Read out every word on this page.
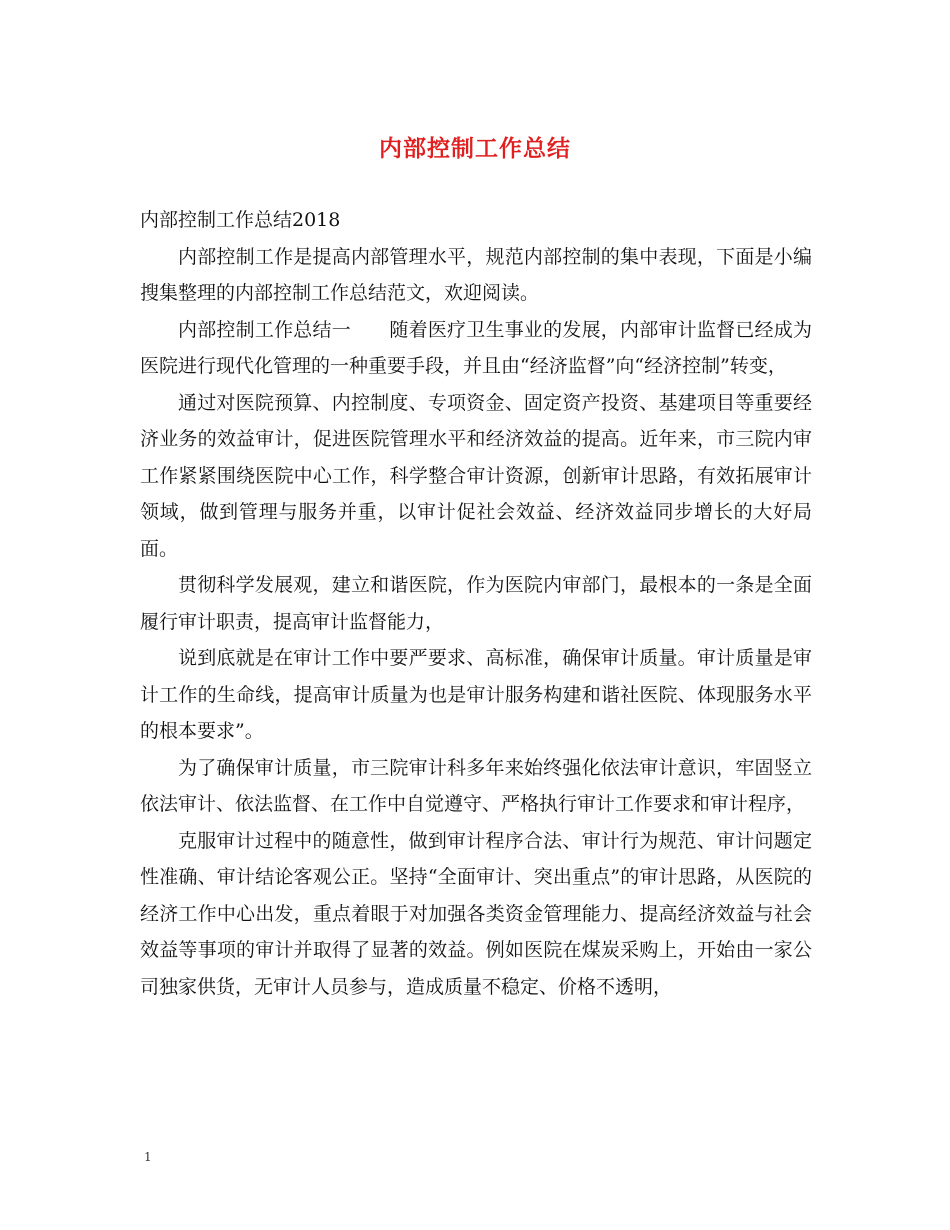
内部控制工作总结

内部控制工作总结2018

内部控制工作是提高内部管理水平，规范内部控制的集中表现，下面是小编搜集整理的内部控制工作总结范文，欢迎阅读。

内部控制工作总结一　　随着医疗卫生事业的发展，内部审计监督已经成为医院进行现代化管理的一种重要手段，并且由“经济监督”向“经济控制”转变，

通过对医院预算、内控制度、专项资金、固定资产投资、基建项目等重要经济业务的效益审计，促进医院管理水平和经济效益的提高。近年来，市三院内审工作紧紧围绕医院中心工作，科学整合审计资源，创新审计思路，有效拓展审计领域，做到管理与服务并重，以审计促社会效益、经济效益同步增长的大好局面。

贯彻科学发展观，建立和谐医院，作为医院内审部门，最根本的一条是全面履行审计职责，提高审计监督能力，

说到底就是在审计工作中要严要求、高标准，确保审计质量。审计质量是审计工作的生命线，提高审计质量为也是审计服务构建和谐社医院、体现服务水平的根本要求”。

为了确保审计质量，市三院审计科多年来始终强化依法审计意识，牢固竖立依法审计、依法监督、在工作中自觉遵守、严格执行审计工作要求和审计程序，

克服审计过程中的随意性，做到审计程序合法、审计行为规范、审计问题定性准确、审计结论客观公正。坚持“全面审计、突出重点”的审计思路，从医院的经济工作中心出发，重点着眼于对加强各类资金管理能力、提高经济效益与社会效益等事项的审计并取得了显著的效益。例如医院在煤炭采购上，开始由一家公司独家供货，无审计人员参与，造成质量不稳定、价格不透明，

1
